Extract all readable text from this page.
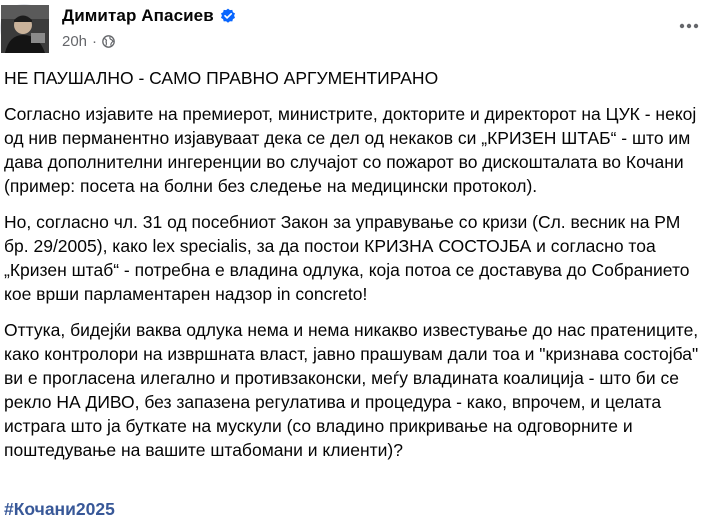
Димитар Апасиев
20h ·

НЕ ПАУШАЛНО - САМО ПРАВНО АРГУМЕНТИРАНО

Согласно изјавите на премиерот, министрите, докторите и директорот на ЦУК - некој од нив перманентно изјавуваат дека се дел од некаков си „КРИЗЕН ШТАБ“ - што им дава дополнителни ингеренции во случајот со пожарот во дискошталата во Кочани (пример: посета на болни без следење на медицински протокол).

Но, согласно чл. 31 од посебниот Закон за управување со кризи (Сл. весник на РМ бр. 29/2005), како lex specialis, за да постои КРИЗНА СОСТОЈБА и согласно тоа „Кризен штаб“ - потребна е владина одлука, која потоа се доставува до Собранието кое врши парламентарен надзор in concreto!

Оттука, бидејќи ваква одлука нема и нема никакво известување до нас пратениците, како контролори на извршната власт, јавно прашувам дали тоа и "кризнава состојба" ви е прогласена илегално и противзаконски, меѓу владината коалиција - што би се рекло НА ДИВО, без запазена регулатива и процедура - како, впрочем, и целата истрага што ја буткате на мускули (со владино прикривање на одговорните и поштедување на вашите штабомани и клиенти)?

#Кочани2025
